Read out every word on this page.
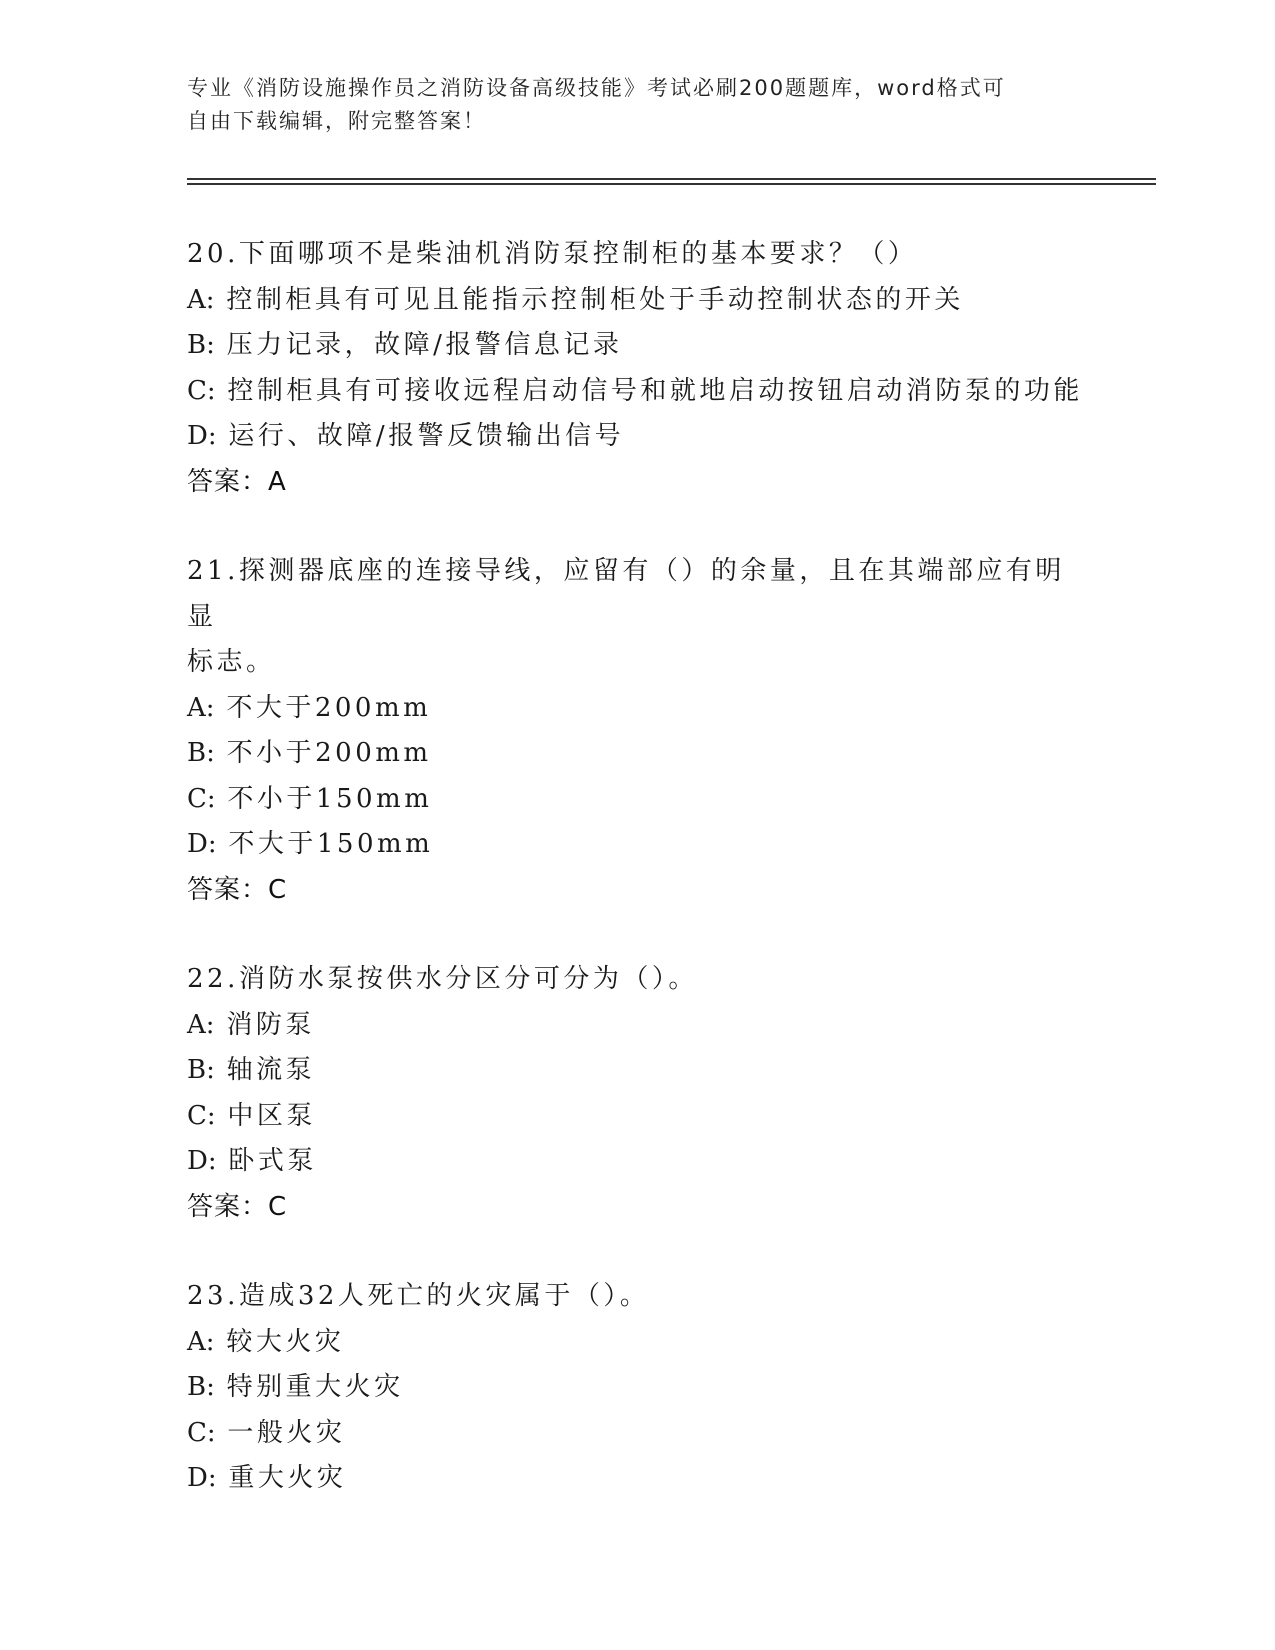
专业《消防设施操作员之消防设备高级技能》考试必刷200题题库，word格式可
自由下载编辑，附完整答案！
20.下面哪项不是柴油机消防泵控制柜的基本要求？（）
A: 控制柜具有可见且能指示控制柜处于手动控制状态的开关
B: 压力记录，故障/报警信息记录
C: 控制柜具有可接收远程启动信号和就地启动按钮启动消防泵的功能
D: 运行、故障/报警反馈输出信号
答案：A
21.探测器底座的连接导线，应留有（）的余量，且在其端部应有明显
标志。
A: 不大于200mm
B: 不小于200mm
C: 不小于150mm
D: 不大于150mm
答案：C
22.消防水泵按供水分区分可分为（）。
A: 消防泵
B: 轴流泵
C: 中区泵
D: 卧式泵
答案：C
23.造成32人死亡的火灾属于（）。
A: 较大火灾
B: 特别重大火灾
C: 一般火灾
D: 重大火灾
